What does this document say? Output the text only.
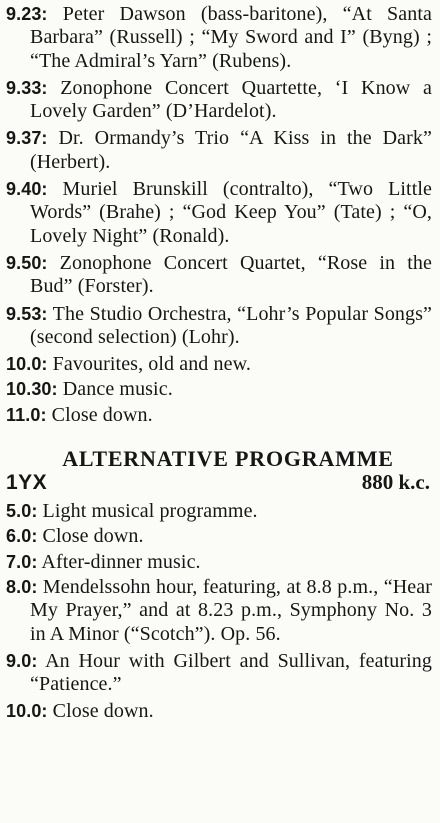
9.23: Peter Dawson (bass-baritone), “At Santa Barbara” (Russell) ; “My Sword and I” (Byng) ; “The Admiral’s Yarn” (Rubens).
9.33: Zonophone Concert Quartette, ‘I Know a Lovely Garden” (D’Hardelot).
9.37: Dr. Ormandy’s Trio “A Kiss in the Dark” (Herbert).
9.40: Muriel Brunskill (contralto), “Two Little Words” (Brahe) ; “God Keep You” (Tate) ; “O, Lovely Night” (Ronald).
9.50: Zonophone Concert Quartet, “Rose in the Bud” (Forster).
9.53: The Studio Orchestra, “Lohr’s Popular Songs” (second selection) (Lohr).
10.0: Favourites, old and new.
10.30: Dance music.
11.0: Close down.
ALTERNATIVE PROGRAMME
1YX	880 k.c.
5.0: Light musical programme.
6.0: Close down.
7.0: After-dinner music.
8.0: Mendelssohn hour, featuring, at 8.8 p.m., “Hear My Prayer,” and at 8.23 p.m., Symphony No. 3 in A Minor (“Scotch”). Op. 56.
9.0: An Hour with Gilbert and Sullivan, featuring “Patience.”
10.0: Close down.
